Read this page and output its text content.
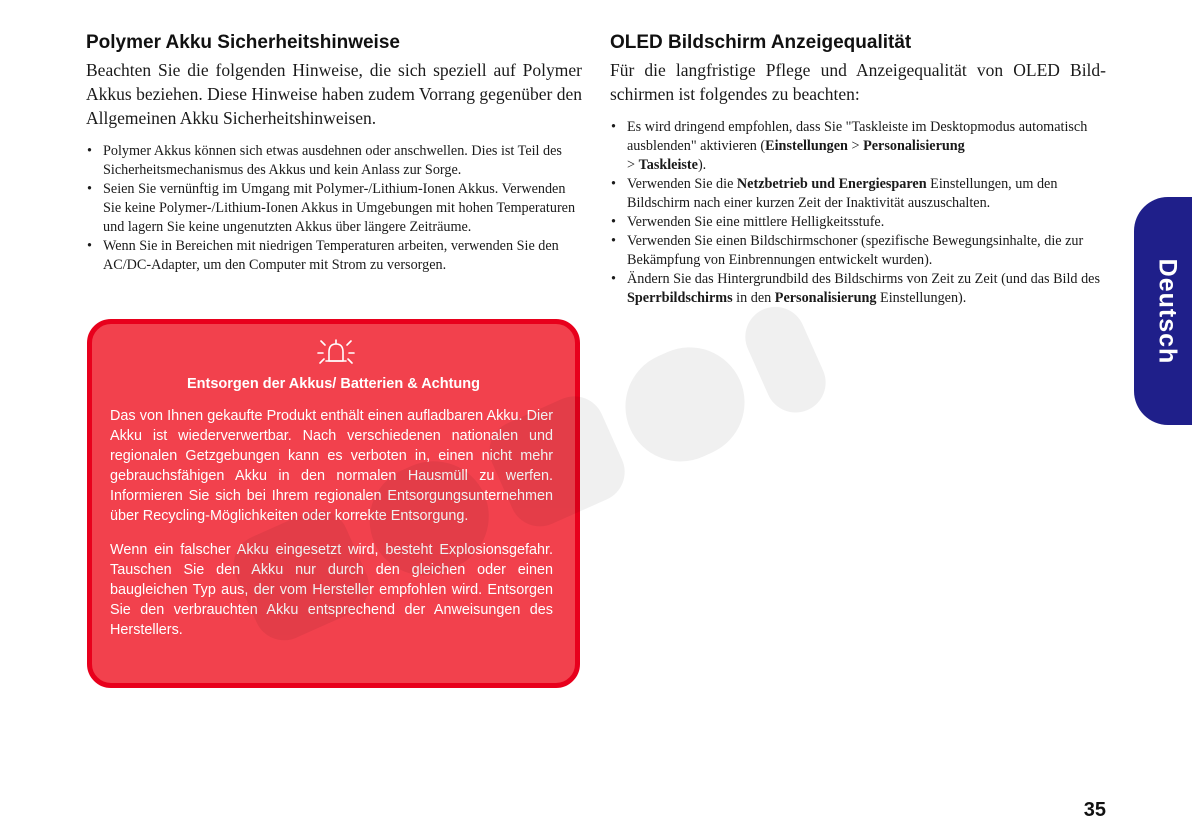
Polymer Akku Sicherheitshinweise

Beachten Sie die folgenden Hinweise, die sich speziell auf Polymer Akkus beziehen. Diese Hinweise haben zudem Vorrang gegenüber den Allgemeinen Akku Sicherheitshinweisen.

• Polymer Akkus können sich etwas ausdehnen oder anschwellen. Dies ist Teil des Sicherheitsmechanismus des Akkus und kein Anlass zur Sorge.
• Seien Sie vernünftig im Umgang mit Polymer-/Lithium-Ionen Akkus. Verwenden Sie keine Polymer-/Lithium-Ionen Akkus in Umgebungen mit hohen Temperaturen und lagern Sie keine ungenutzten Akkus über längere Zeiträume.
• Wenn Sie in Bereichen mit niedrigen Temperaturen arbeiten, verwenden Sie den AC/DC-Adapter, um den Computer mit Strom zu versorgen.
Entsorgen der Akkus/ Batterien & Achtung

Das von Ihnen gekaufte Produkt enthält einen aufladbaren Akku. Dier Akku ist wiederverwertbar. Nach verschiedenen nationalen und regionalen Getzgebungen kann es verboten in, einen nicht mehr gebrauchsfähigen Akku in den normalen Hausmüll zu werfen. Informieren Sie sich bei Ihrem regionalen Entsorgungsunternehmen über Recycling-Möglichkeiten oder korrekte Entsorgung.

Wenn ein falscher Akku eingesetzt wird, besteht Explosionsgefahr. Tauschen Sie den Akku nur durch den gleichen oder einen baugleichen Typ aus, der vom Hersteller empfohlen wird. Entsorgen Sie den verbrauchten Akku entsprechend der Anweisungen des Herstellers.

OLED Bildschirm Anzeigequalität

Für die langfristige Pflege und Anzeigequalität von OLED Bildschirmen ist folgendes zu beachten:

• Es wird dringend empfohlen, dass Sie "Taskleiste im Desktopmodus automatisch ausblenden" aktivieren (Einstellungen > Personalisierung
> Taskleiste).
• Verwenden Sie die Netzbetrieb und Energiesparen Einstellungen, um den Bildschirm nach einer kurzen Zeit der Inaktivität auszuschalten.
• Verwenden Sie eine mittlere Helligkeitsstufe.
• Verwenden Sie einen Bildschirmschoner (spezifische Bewegungsinhalte, die zur Bekämpfung von Einbrennungen entwickelt wurden).
• Ändern Sie das Hintergrundbild des Bildschirms von Zeit zu Zeit (und das Bild des Sperrbildschirms in den Personalisierung Einstellungen).	Deutsch
35
